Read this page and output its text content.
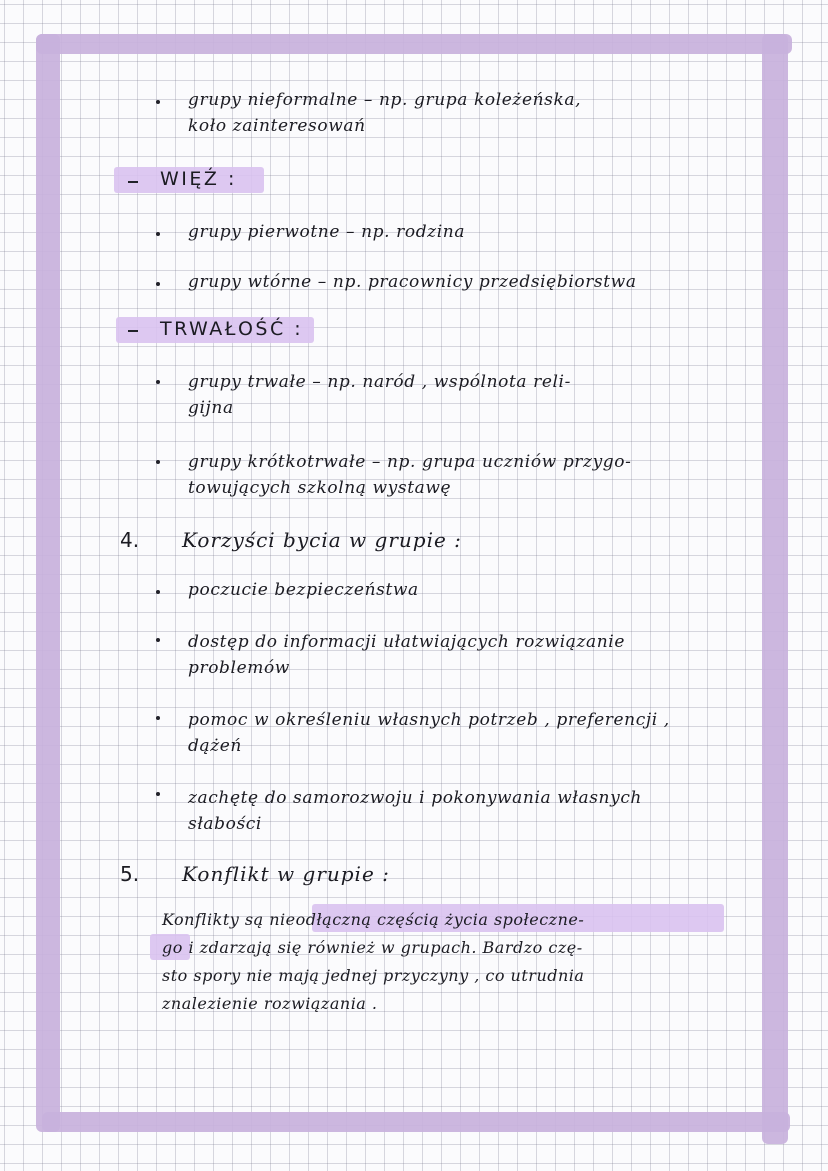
grupy nieformalne – np. grupa koleżeńska,
koło zainteresowań
WIĘŹ :
grupy pierwotne – np. rodzina
grupy wtórne – np. pracownicy przedsiębiorstwa
TRWAŁOŚĆ :
grupy trwałe – np. naród , wspólnota reli-
gijna
grupy krótkotrwałe – np. grupa uczniów przygo-
towujących szkolną wystawę
4. Korzyści bycia w grupie :
poczucie bezpieczeństwa
dostęp do informacji ułatwiających rozwiązanie
problemów
pomoc w określeniu własnych potrzeb , preferencji ,
dążeń
zachętę do samorozwoju i pokonywania własnych
słabości
5. Konflikt w grupie :
Konflikty są nieodłączną częścią życia społeczne-
go i zdarzają się również w grupach. Bardzo czę-
sto spory nie mają jednej przyczyny , co utrudnia
znalezienie rozwiązania .
